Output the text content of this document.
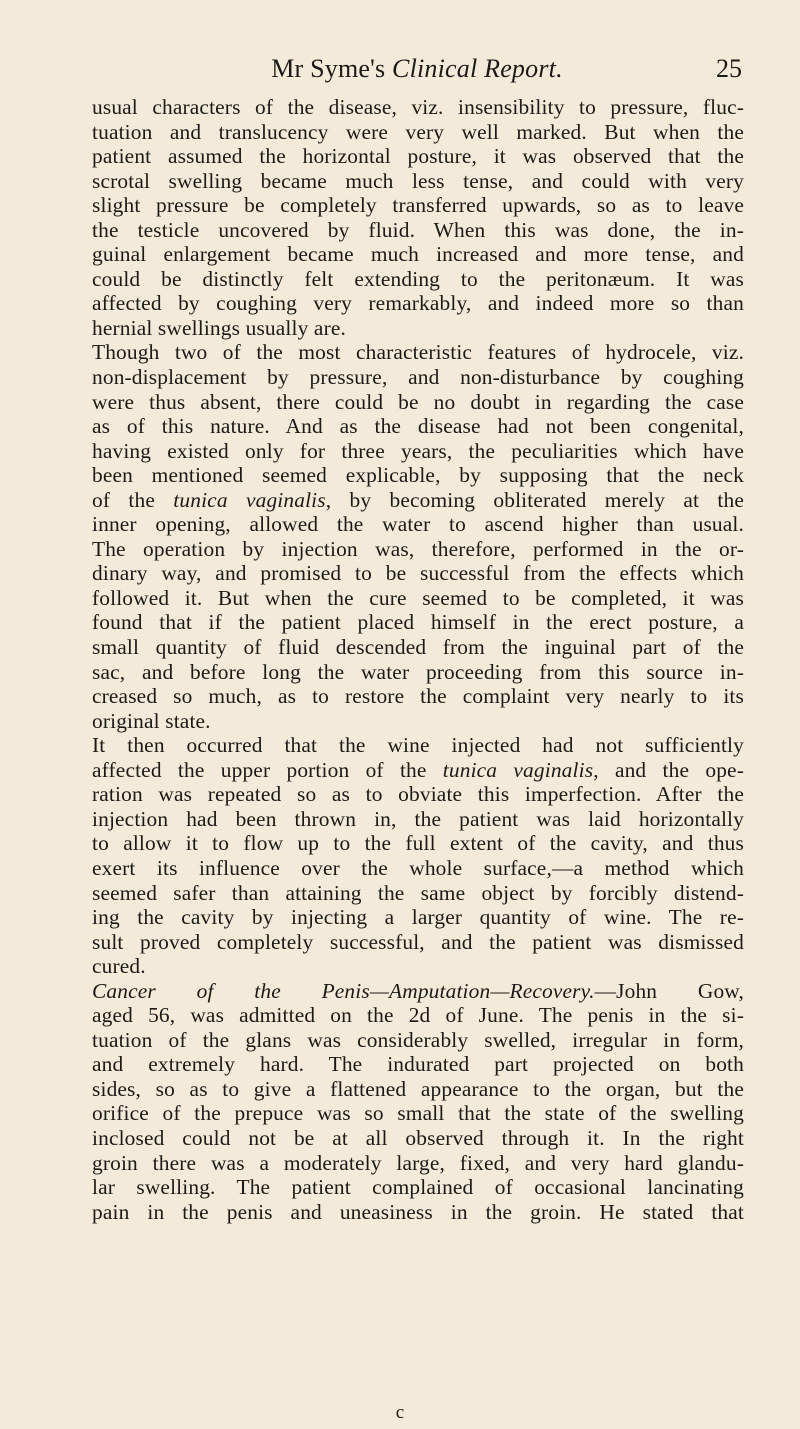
Mr Syme's Clinical Report.	25
usual characters of the disease, viz. insensibility to pressure, fluc-
tuation and translucency were very well marked. But when the
patient assumed the horizontal posture, it was observed that the
scrotal swelling became much less tense, and could with very
slight pressure be completely transferred upwards, so as to leave
the testicle uncovered by fluid. When this was done, the in-
guinal enlargement became much increased and more tense, and
could be distinctly felt extending to the peritonæum. It was
affected by coughing very remarkably, and indeed more so than
hernial swellings usually are.
Though two of the most characteristic features of hydrocele, viz.
non-displacement by pressure, and non-disturbance by coughing
were thus absent, there could be no doubt in regarding the case
as of this nature. And as the disease had not been congenital,
having existed only for three years, the peculiarities which have
been mentioned seemed explicable, by supposing that the neck
of the tunica vaginalis, by becoming obliterated merely at the
inner opening, allowed the water to ascend higher than usual.
The operation by injection was, therefore, performed in the or-
dinary way, and promised to be successful from the effects which
followed it. But when the cure seemed to be completed, it was
found that if the patient placed himself in the erect posture, a
small quantity of fluid descended from the inguinal part of the
sac, and before long the water proceeding from this source in-
creased so much, as to restore the complaint very nearly to its
original state.
It then occurred that the wine injected had not sufficiently
affected the upper portion of the tunica vaginalis, and the ope-
ration was repeated so as to obviate this imperfection. After the
injection had been thrown in, the patient was laid horizontally
to allow it to flow up to the full extent of the cavity, and thus
exert its influence over the whole surface,—a method which
seemed safer than attaining the same object by forcibly distend-
ing the cavity by injecting a larger quantity of wine. The re-
sult proved completely successful, and the patient was dismissed
cured.
Cancer of the Penis—Amputation—Recovery.—John Gow,
aged 56, was admitted on the 2d of June. The penis in the si-
tuation of the glans was considerably swelled, irregular in form,
and extremely hard. The indurated part projected on both
sides, so as to give a flattened appearance to the organ, but the
orifice of the prepuce was so small that the state of the swelling
inclosed could not be at all observed through it. In the right
groin there was a moderately large, fixed, and very hard glandu-
lar swelling. The patient complained of occasional lancinating
pain in the penis and uneasiness in the groin. He stated that
c
